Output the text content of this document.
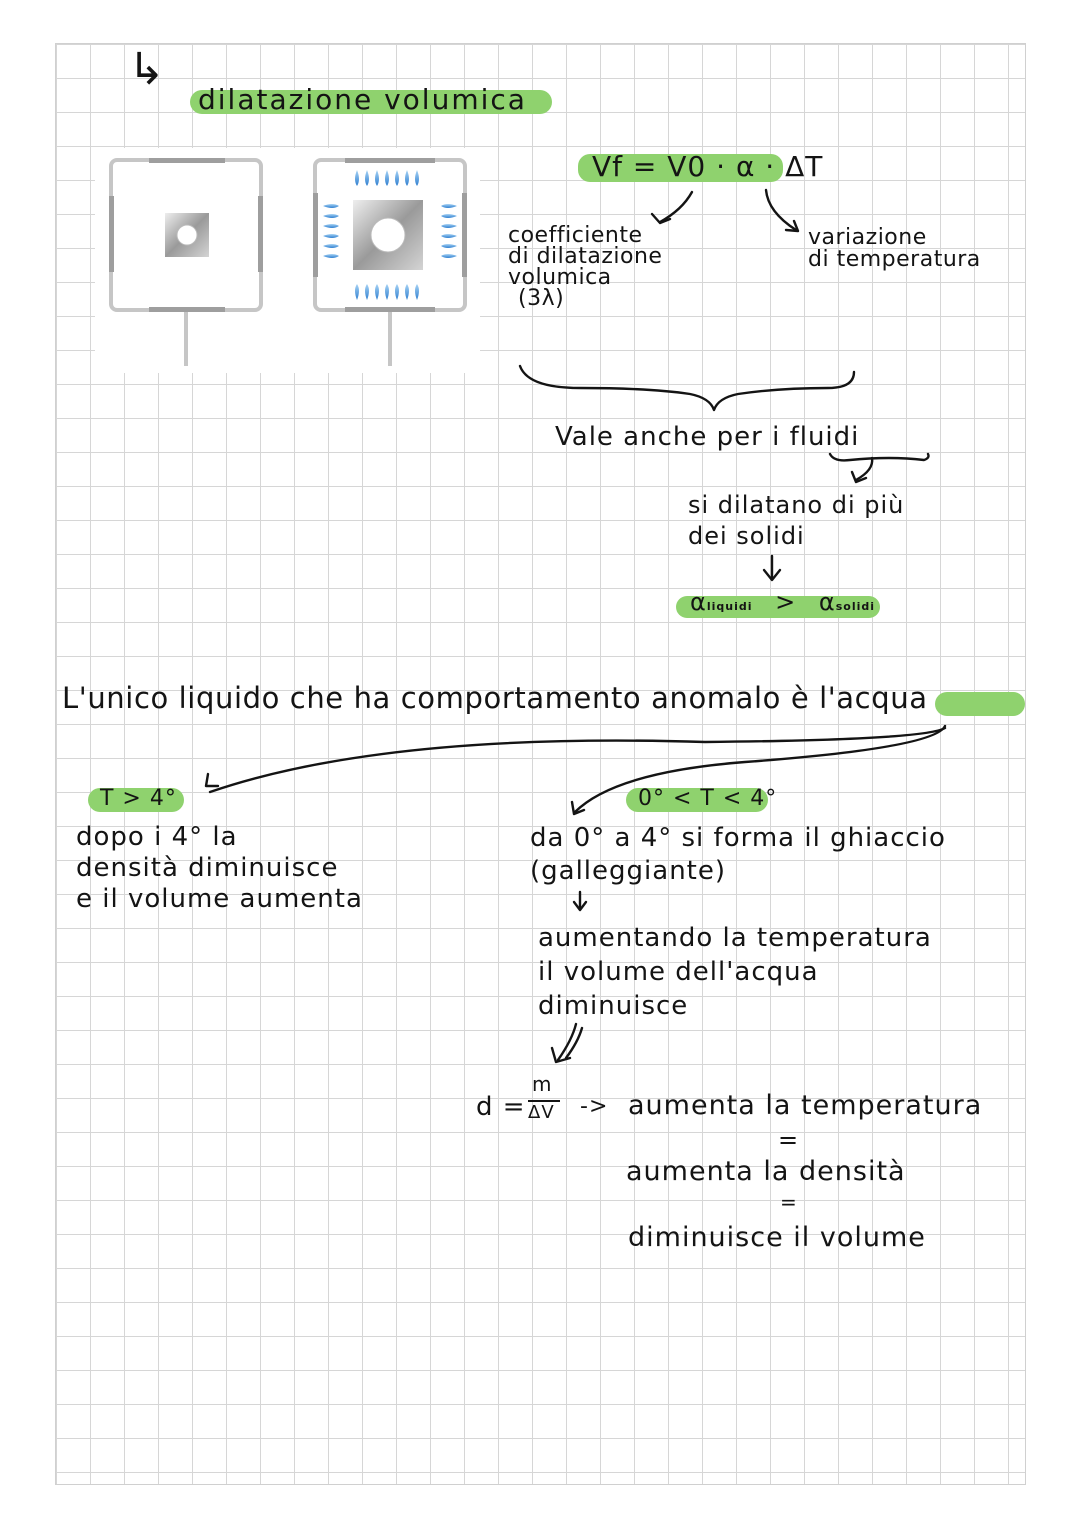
↳
dilatazione volumica
Vf = V0 · α · ΔT
coefficiente
di dilatazione
volumica
(3λ)
variazione
di temperatura
Vale anche per i fluidi
si dilatano di più
dei solidi
αliquidi > αsolidi
L'unico liquido che ha comportamento anomalo è l'acqua
T > 4°
dopo i 4° la
densità diminuisce
e il volume aumenta
0° < T < 4°
da 0° a 4° si forma il ghiaccio
(galleggiante)
aumentando la temperatura
il volume dell'acqua
diminuisce
d =
m
ΔV -> aumenta la temperatura
=
aumenta la densità
=
diminuisce il volume
